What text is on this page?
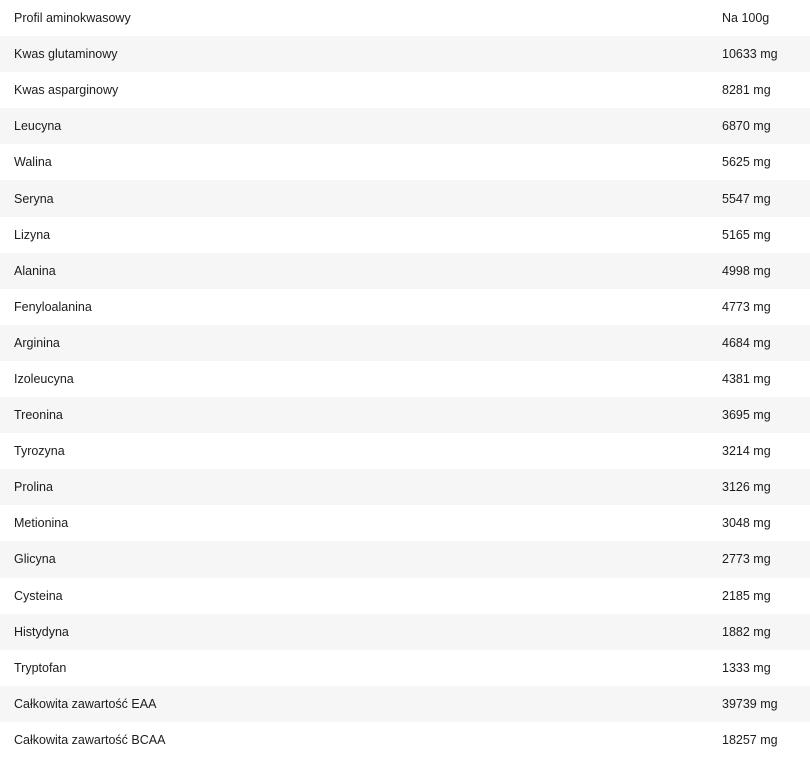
Profil aminokwasowy	Na 100g
Kwas glutaminowy	10633 mg
Kwas asparginowy	8281 mg
Leucyna	6870 mg
Walina	5625 mg
Seryna	5547 mg
Lizyna	5165 mg
Alanina	4998 mg
Fenyloalanina	4773 mg
Arginina	4684 mg
Izoleucyna	4381 mg
Treonina	3695 mg
Tyrozyna	3214 mg
Prolina	3126 mg
Metionina	3048 mg
Glicyna	2773 mg
Cysteina	2185 mg
Histydyna	1882 mg
Tryptofan	1333 mg
Całkowita zawartość EAA	39739 mg
Całkowita zawartość BCAA	18257 mg
